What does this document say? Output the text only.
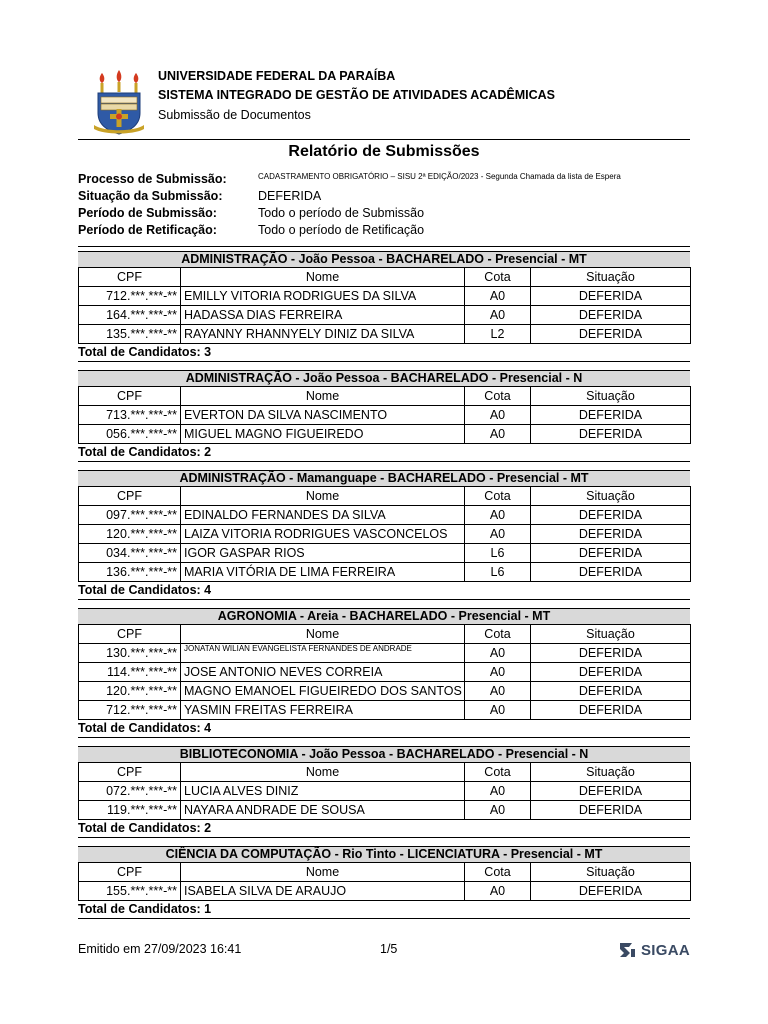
UNIVERSIDADE FEDERAL DA PARAÍBA
SISTEMA INTEGRADO DE GESTÃO DE ATIVIDADES ACADÊMICAS
Submissão de Documentos
Relatório de Submissões
Processo de Submissão:	CADASTRAMENTO OBRIGATÓRIO – SISU 2ª EDIÇÃO/2023 - Segunda Chamada da lista de Espera
Situação da Submissão:	DEFERIDA
Período de Submissão:	Todo o período de Submissão
Período de Retificação:	Todo o período de Retificação
ADMINISTRAÇÃO - João Pessoa - BACHARELADO - Presencial - MT
CPF	Nome	Cota	Situação
712.***.***-**	EMILLY VITORIA RODRIGUES DA SILVA	A0	DEFERIDA
164.***.***-**	HADASSA DIAS FERREIRA	A0	DEFERIDA
135.***.***-**	RAYANNY RHANNYELY DINIZ DA SILVA	L2	DEFERIDA
Total de Candidatos: 3
ADMINISTRAÇÃO - João Pessoa - BACHARELADO - Presencial - N
CPF	Nome	Cota	Situação
713.***.***-**	EVERTON DA SILVA NASCIMENTO	A0	DEFERIDA
056.***.***-**	MIGUEL MAGNO FIGUEIREDO	A0	DEFERIDA
Total de Candidatos: 2
ADMINISTRAÇÃO - Mamanguape - BACHARELADO - Presencial - MT
CPF	Nome	Cota	Situação
097.***.***-**	EDINALDO FERNANDES DA SILVA	A0	DEFERIDA
120.***.***-**	LAIZA VITORIA RODRIGUES VASCONCELOS	A0	DEFERIDA
034.***.***-**	IGOR GASPAR RIOS	L6	DEFERIDA
136.***.***-**	MARIA VITÓRIA DE LIMA FERREIRA	L6	DEFERIDA
Total de Candidatos: 4
AGRONOMIA - Areia - BACHARELADO - Presencial - MT
CPF	Nome	Cota	Situação
130.***.***-**	JONATAN WILIAN EVANGELISTA FERNANDES DE ANDRADE	A0	DEFERIDA
114.***.***-**	JOSE ANTONIO NEVES CORREIA	A0	DEFERIDA
120.***.***-**	MAGNO EMANOEL FIGUEIREDO DOS SANTOS	A0	DEFERIDA
712.***.***-**	YASMIN FREITAS FERREIRA	A0	DEFERIDA
Total de Candidatos: 4
BIBLIOTECONOMIA - João Pessoa - BACHARELADO - Presencial - N
CPF	Nome	Cota	Situação
072.***.***-**	LUCIA ALVES DINIZ	A0	DEFERIDA
119.***.***-**	NAYARA ANDRADE DE SOUSA	A0	DEFERIDA
Total de Candidatos: 2
CIÊNCIA DA COMPUTAÇÃO - Rio Tinto - LICENCIATURA - Presencial - MT
CPF	Nome	Cota	Situação
155.***.***-**	ISABELA SILVA DE ARAUJO	A0	DEFERIDA
Total de Candidatos: 1
Emitido em 27/09/2023 16:41	1/5	SIGAA
